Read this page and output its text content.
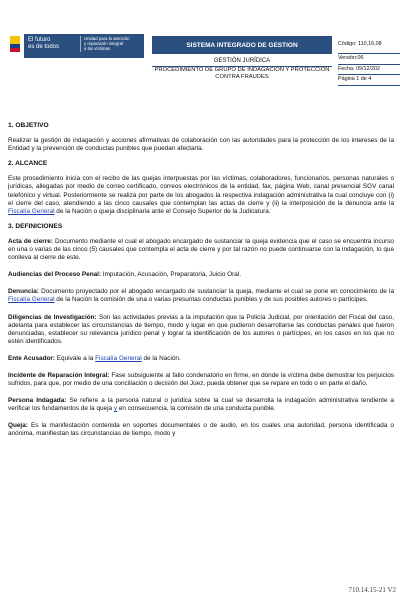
El futuro
es de todos
Unidad para la atención
y reparación integral
a las víctimas
SISTEMA INTEGRADO DE GESTION
GESTIÓN JURÍDICA
PROCEDIMIENTO DE GRUPO DE INDAGACIÓN Y PROTECCIÓN CONTRA FRAUDES
Código: 110,16,08
Versión:06
Fecha: 09/12/202
Página 1 de 4
1. OBJETIVO
Realizar la gestión de indagación y acciones afirmativas de colaboración con las autoridades para la protección de los intereses de la Entidad y la prevención de conductas punibles que puedan afectarla.
2. ALCANCE
Este procedimiento inicia con el recibo de las quejas interpuestas por las víctimas, colaboradores, funcionarios, personas naturales o jurídicas, allegadas por medio de correo certificado, correos electrónicos de la entidad, fax, página Web, canal presencial SGV canal telefónico y virtual. Posteriormente se realiza por parte de los abogados la respectiva indagación administrativa la cual concluye con (i) el cierre del caso, atendiendo a las cinco causales que contemplan las actas de cierre y (ii) la interposición de la denuncia ante la Fiscalía General de la Nación o queja disciplinaria ante el Consejo Superior de la Judicatura.
3. DEFINICIONES
Acta de cierre: Documento mediante el cual el abogado encargado de sustanciar la queja evidencia que el caso se encuentra incurso en una o varias de las cinco (5) causales que contempla el acta de cierre y por tal razón no puede continuarse con la indagación, lo que conlleva al cierre de este.
Audiencias del Proceso Penal: Imputación, Acusación, Preparatoria, Juicio Oral.
Denuncia: Documento proyectado por el abogado encargado de sustanciar la queja, mediante el cual se pone en conocimiento de la Fiscalía General de la Nación la comisión de una o varias presuntas conductas punibles y de sus posibles autores o partícipes.
Diligencias de Investigación: Son las actividades previas a la imputación que la Policía Judicial, por orientación del Fiscal del caso, adelanta para establecer las circunstancias de tiempo, modo y lugar en que pudieron desarrollarse las conductas penales que fueron denunciadas, establecer su relevancia jurídico penal y lograr la identificación de los autores o partícipes, en los casos en los que no estén identificados.
Ente Acusador: Equivale a la Fiscalía General de la Nación.
Incidente de Reparación Integral: Fase subsiguiente al fallo condenatorio en firme, en donde la víctima debe demostrar los perjuicios sufridos, para que, por medio de una conciliación o decisión del Juez, pueda obtener que se repare en todo o en parte el daño.
Persona Indagada: Se refiere a la persona natural o jurídica sobre la cual se desarrolla la indagación administrativa tendiente a verificar los fundamentos de la queja y en consecuencia, la comisión de una conducta punible.
Queja: Es la manifestación contenida en soportes documentales o de audio, en los cuales una autoridad, persona identificada o anónima, manifiestan las circunstancias de tiempo, modo y
710.14.15-21 V2
